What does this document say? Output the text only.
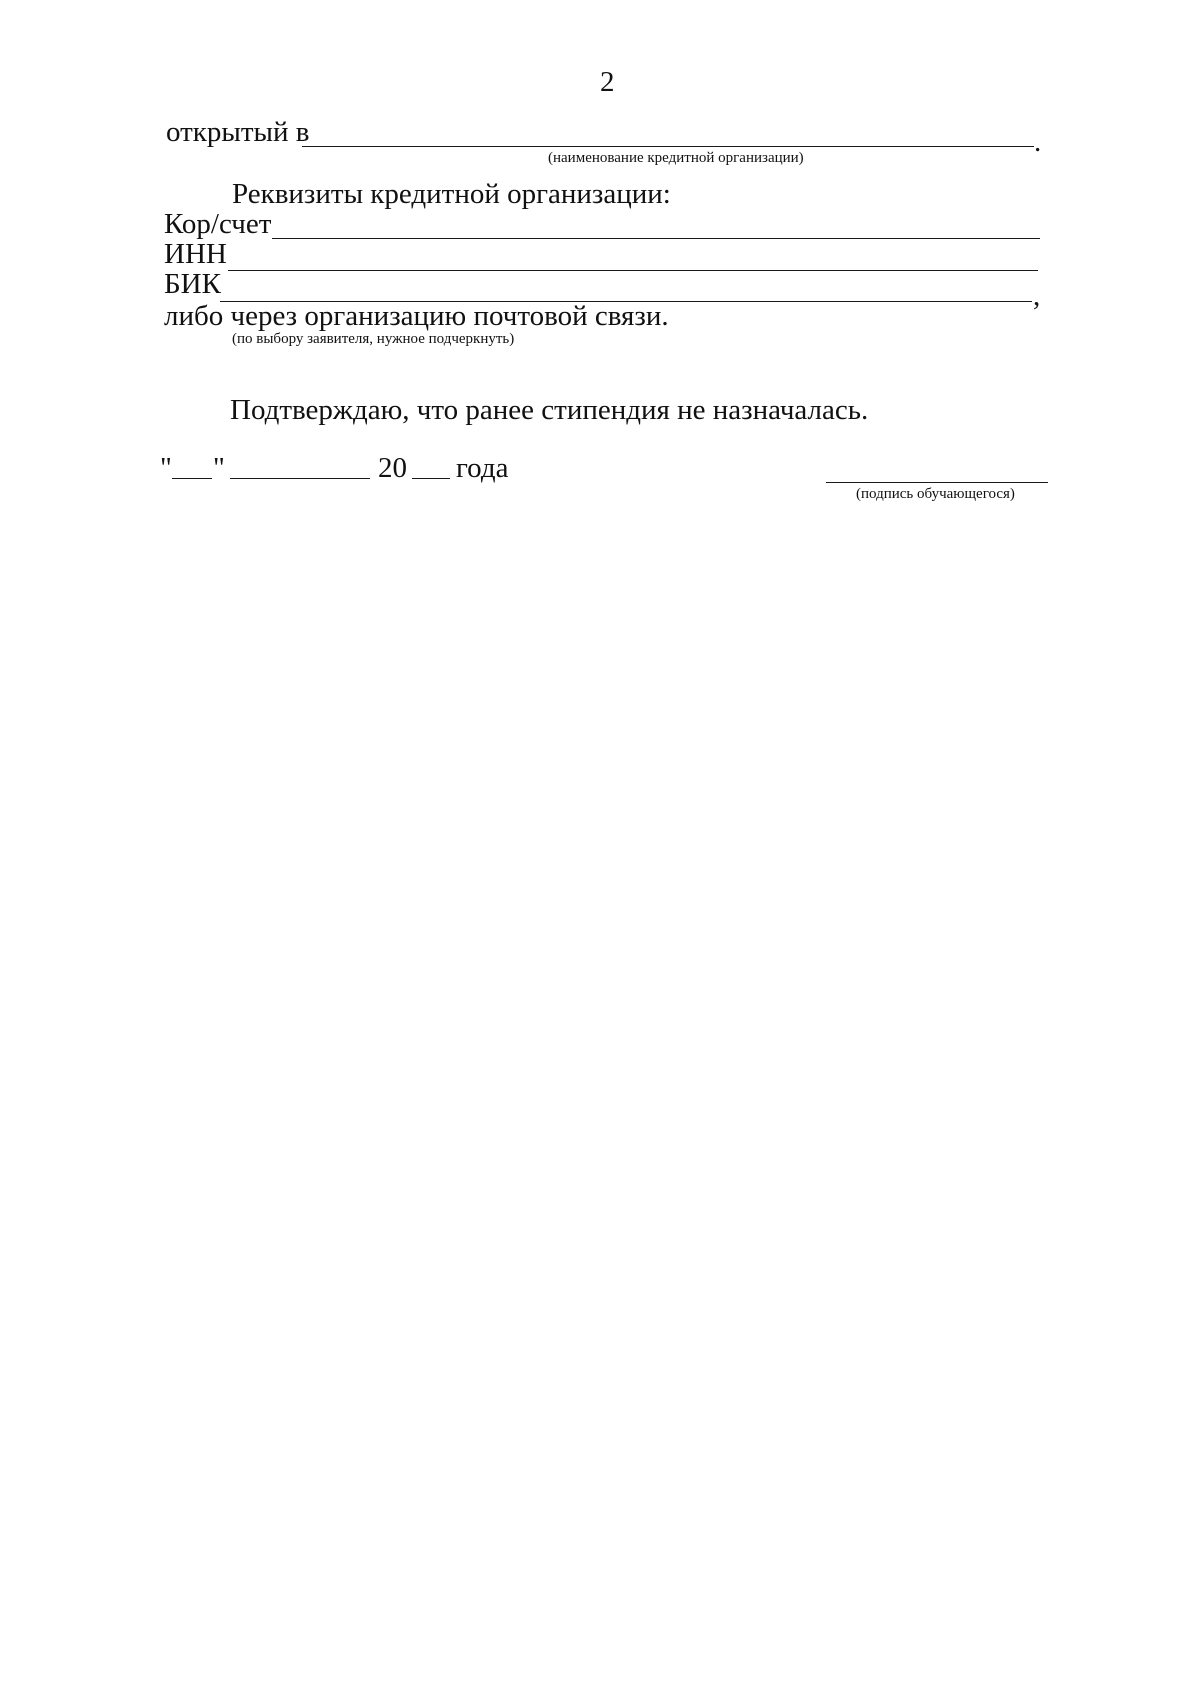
2
открытый в	.
(наименование кредитной организации)
Реквизиты кредитной организации:
Кор/счет
ИНН
БИК	,
либо через организацию почтовой связи.
(по выбору заявителя, нужное подчеркнуть)
Подтверждаю, что ранее стипендия не назначалась.
" "	20 года
(подпись обучающегося)
